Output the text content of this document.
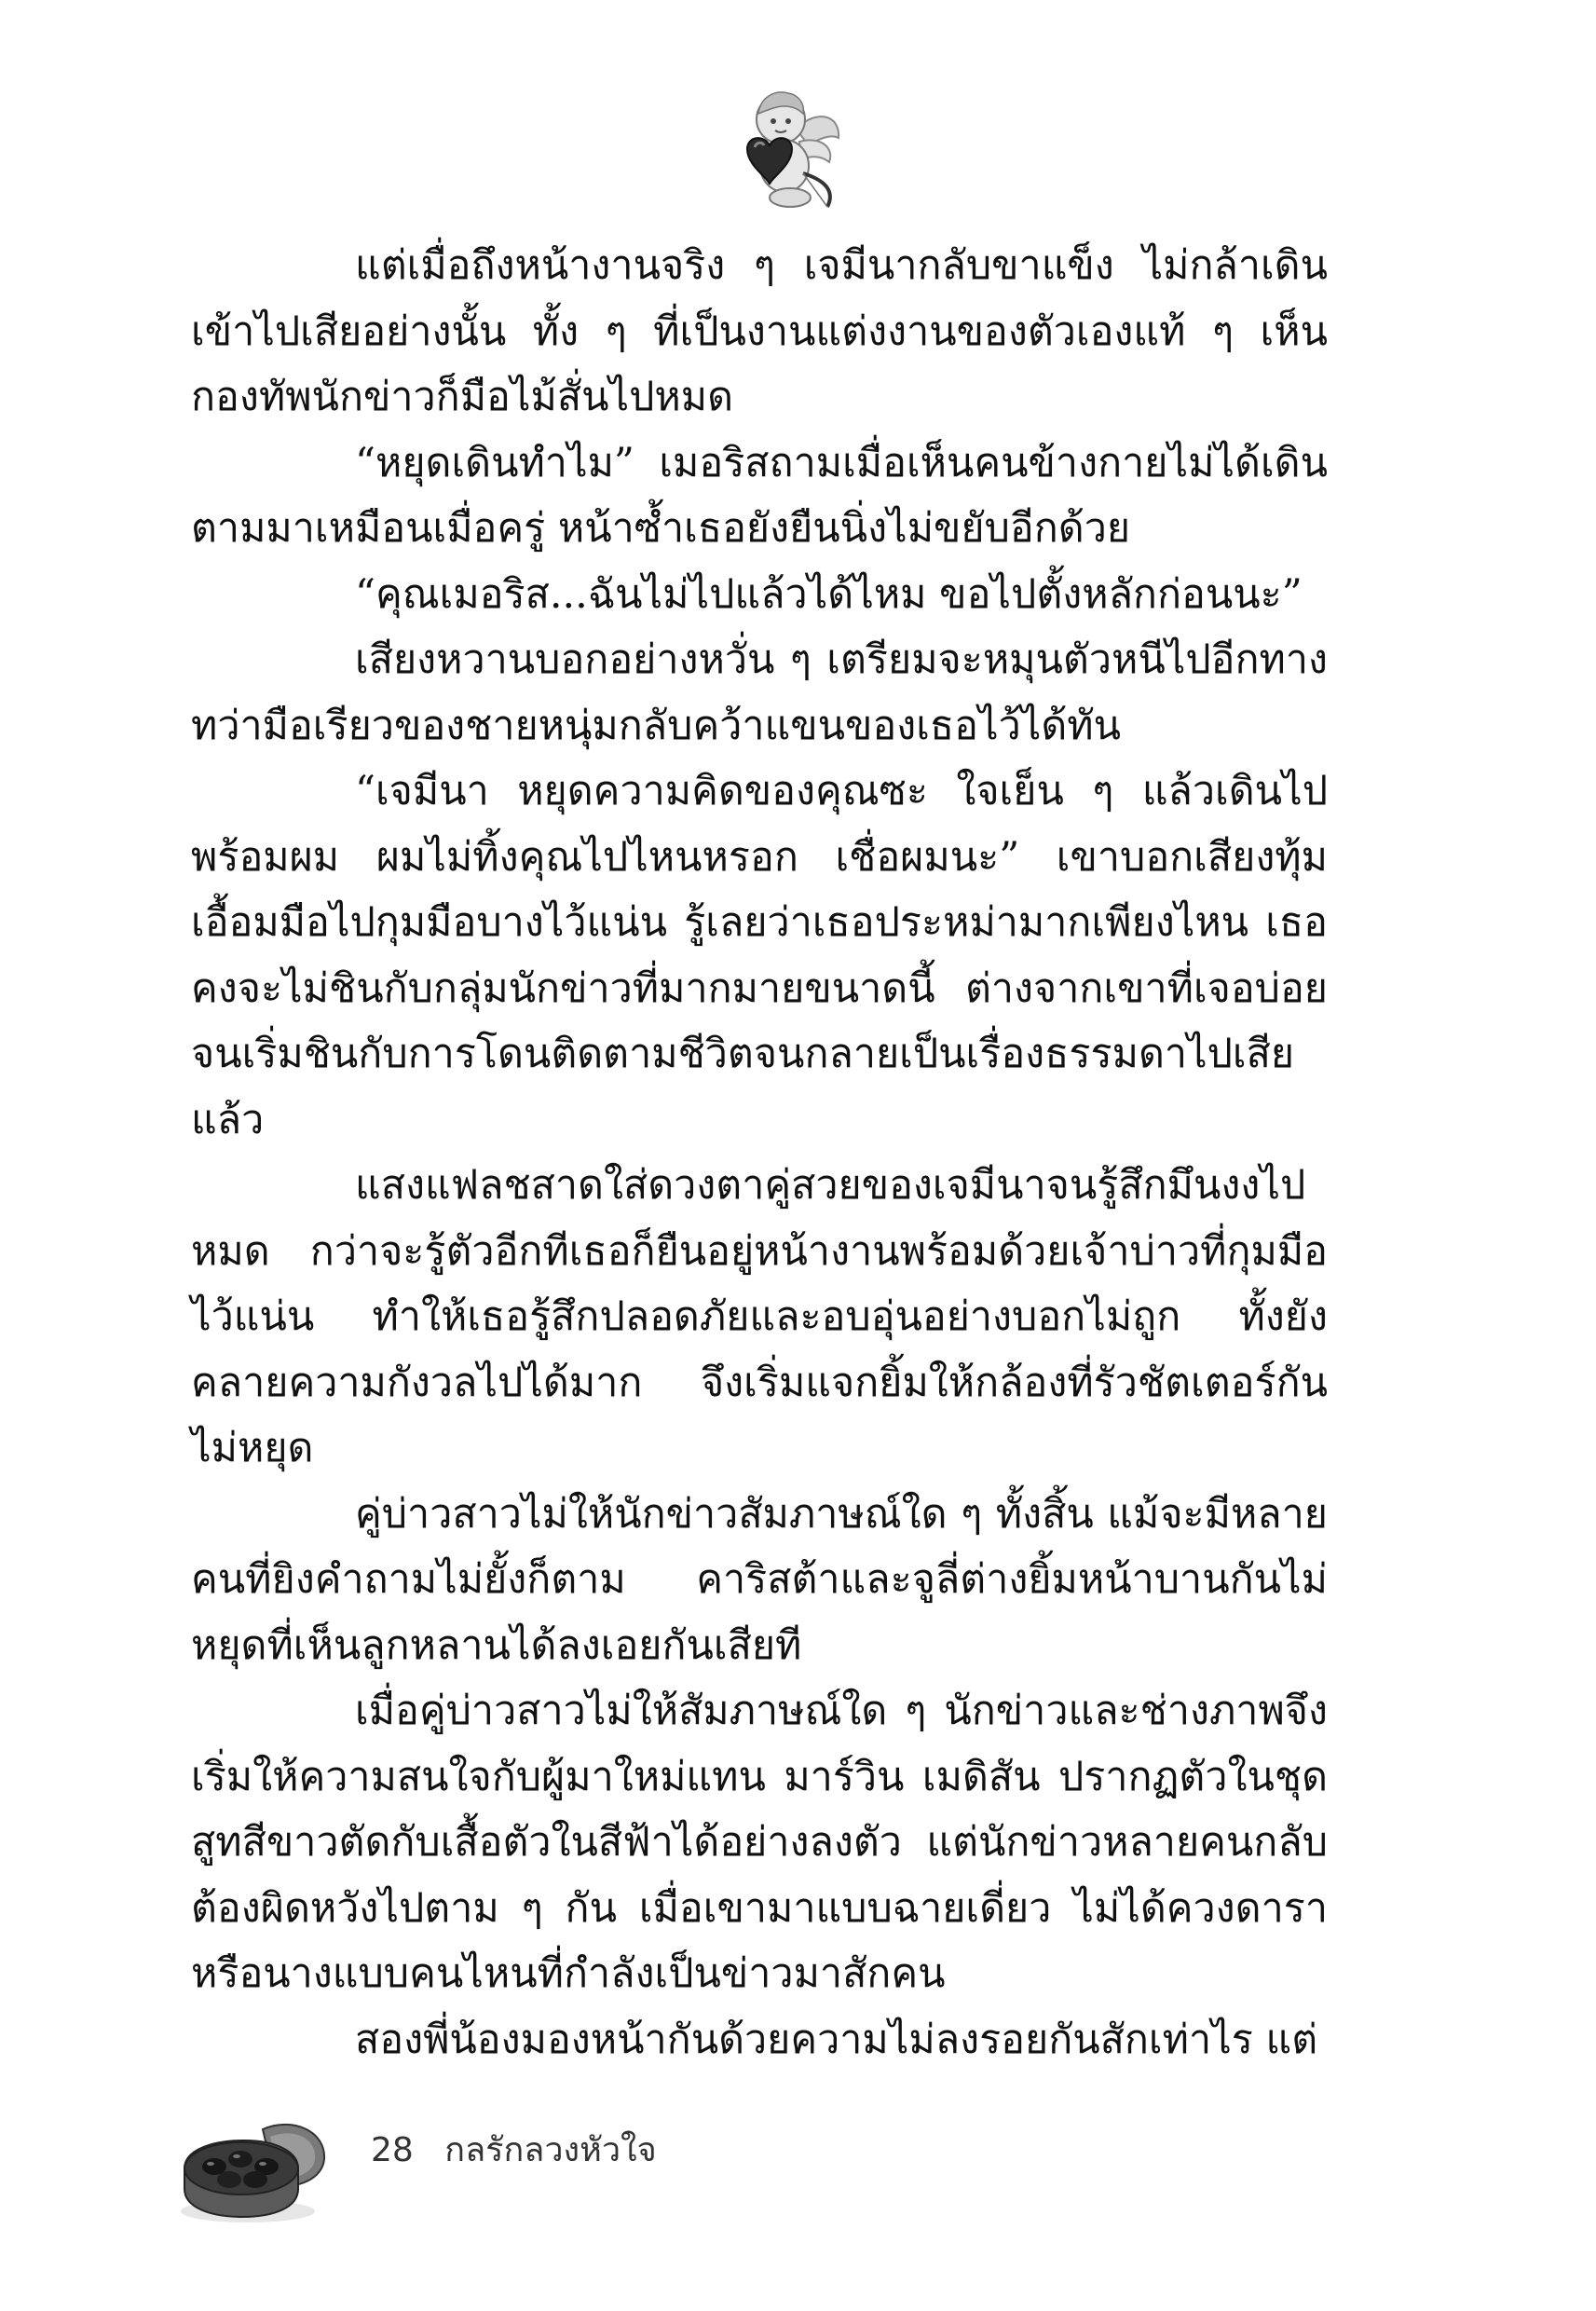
แต่เมื่อถึงหน้างานจริง ๆ เจมีนากลับขาแข็ง ไม่กล้าเดินเข้าไปเสียอย่างนั้น ทั้ง ๆ ที่เป็นงานแต่งงานของตัวเองแท้ ๆ เห็นกองทัพนักข่าวก็มือไม้สั่นไปหมด

“หยุดเดินทำไม” เมอริสถามเมื่อเห็นคนข้างกายไม่ได้เดินตามมาเหมือนเมื่อครู่ หน้าซ้ำเธอยังยืนนิ่งไม่ขยับอีกด้วย

“คุณเมอริส...ฉันไม่ไปแล้วได้ไหม ขอไปตั้งหลักก่อนนะ”

เสียงหวานบอกอย่างหวั่น ๆ เตรียมจะหมุนตัวหนีไปอีกทางทว่ามือเรียวของชายหนุ่มกลับคว้าแขนของเธอไว้ได้ทัน

“เจมีนา หยุดความคิดของคุณซะ ใจเย็น ๆ แล้วเดินไปพร้อมผม ผมไม่ทิ้งคุณไปไหนหรอก เชื่อผมนะ” เขาบอกเสียงทุ้ม เอื้อมมือไปกุมมือบางไว้แน่น รู้เลยว่าเธอประหม่ามากเพียงไหน เธอคงจะไม่ชินกับกลุ่มนักข่าวที่มากมายขนาดนี้ ต่างจากเขาที่เจอบ่อยจนเริ่มชินกับการโดนติดตามชีวิตจนกลายเป็นเรื่องธรรมดาไปเสียแล้ว

แสงแฟลชสาดใส่ดวงตาคู่สวยของเจมีนาจนรู้สึกมึนงงไปหมด กว่าจะรู้ตัวอีกทีเธอก็ยืนอยู่หน้างานพร้อมด้วยเจ้าบ่าวที่กุมมือไว้แน่น ทำให้เธอรู้สึกปลอดภัยและอบอุ่นอย่างบอกไม่ถูก ทั้งยังคลายความกังวลไปได้มาก จึงเริ่มแจกยิ้มให้กล้องที่รัวชัตเตอร์กันไม่หยุด

คู่บ่าวสาวไม่ให้นักข่าวสัมภาษณ์ใด ๆ ทั้งสิ้น แม้จะมีหลายคนที่ยิงคำถามไม่ยั้งก็ตาม คาริสต้าและจูลี่ต่างยิ้มหน้าบานกันไม่หยุดที่เห็นลูกหลานได้ลงเอยกันเสียที

เมื่อคู่บ่าวสาวไม่ให้สัมภาษณ์ใด ๆ นักข่าวและช่างภาพจึงเริ่มให้ความสนใจกับผู้มาใหม่แทน มาร์วิน เมดิสัน ปรากฏตัวในชุดสูทสีขาวตัดกับเสื้อตัวในสีฟ้าได้อย่างลงตัว แต่นักข่าวหลายคนกลับต้องผิดหวังไปตาม ๆ กัน เมื่อเขามาแบบฉายเดี่ยว ไม่ได้ควงดาราหรือนางแบบคนไหนที่กำลังเป็นข่าวมาสักคน

สองพี่น้องมองหน้ากันด้วยความไม่ลงรอยกันสักเท่าไร แต่

28 กลรักลวงหัวใจ
